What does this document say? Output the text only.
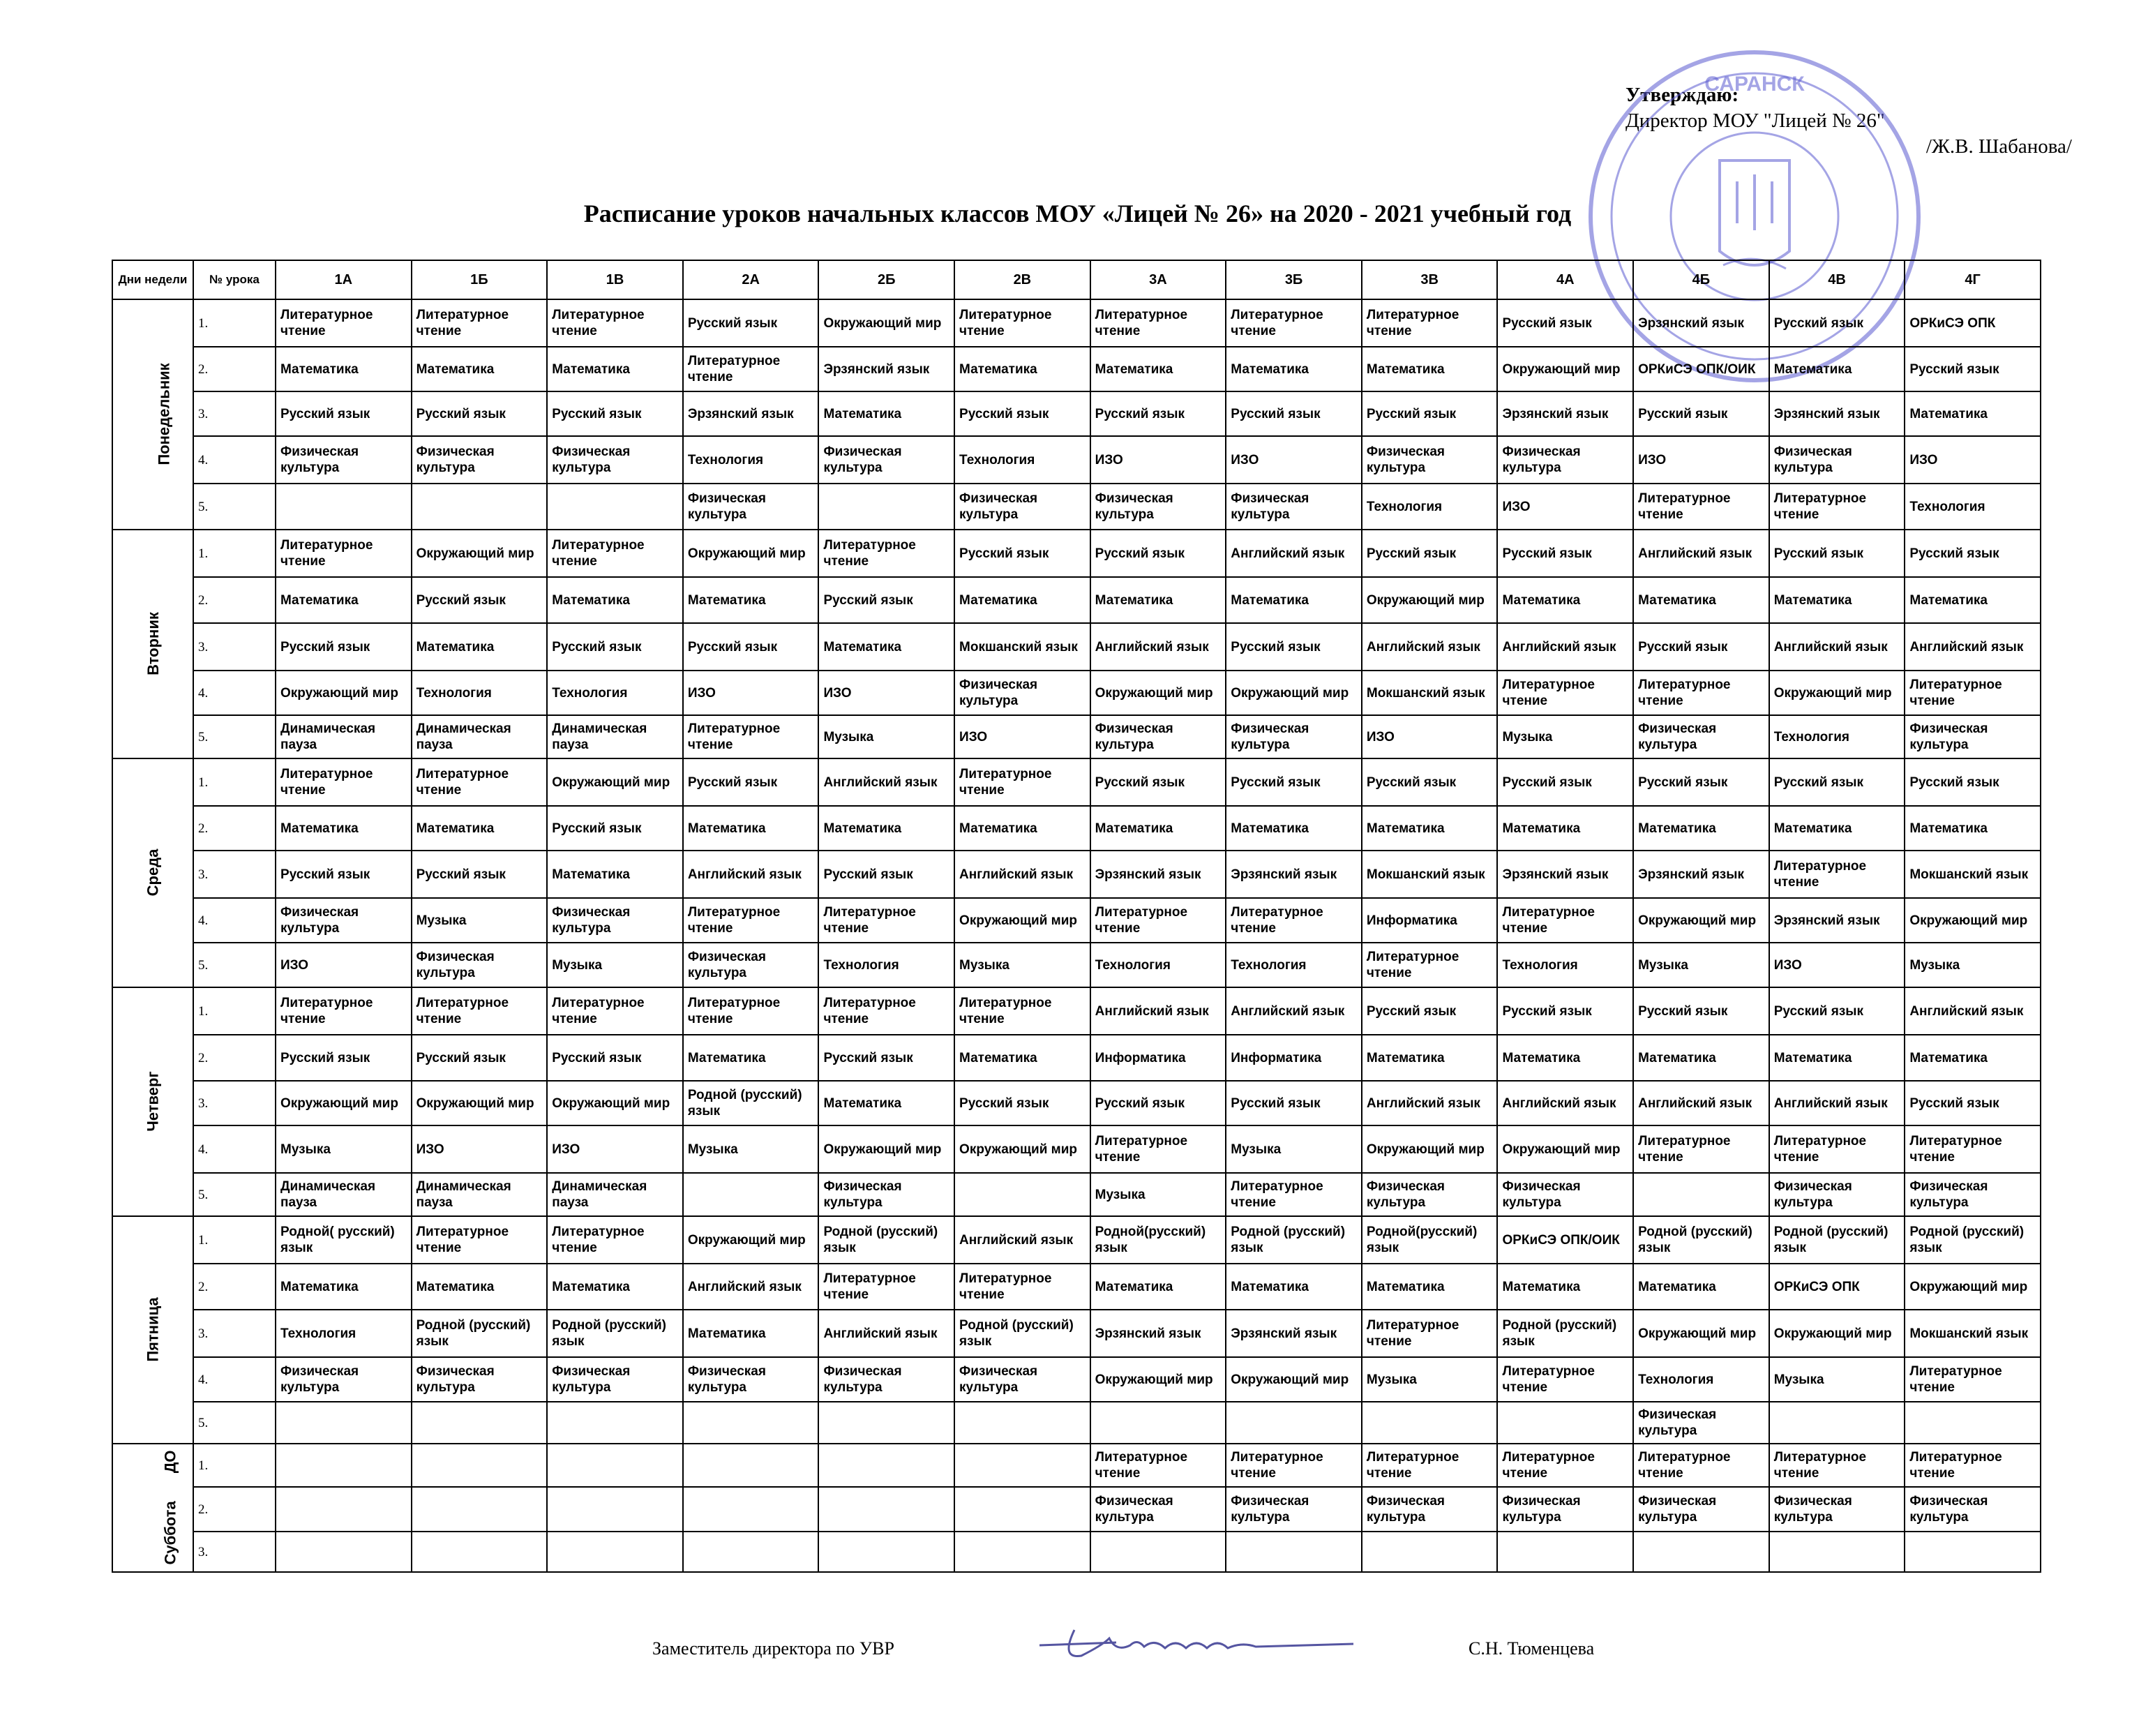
Утверждаю:
Директор МОУ "Лицей № 26"
/Ж.В. Шабанова/
САРАНСК
Расписание уроков начальных классов МОУ «Лицей № 26» на 2020 - 2021 учебный год
Дни недели	№ урока	1А	1Б	1В	2А	2Б	2В	3А	3Б	3В	4А	4Б	4В	4Г
Понедельник	1.	Литературное чтение	Литературное чтение	Литературное чтение	Русский язык	Окружающий мир	Литературное чтение	Литературное чтение	Литературное чтение	Литературное чтение	Русский язык	Эрзянский язык	Русский язык	ОРКиСЭ ОПК
	2.	Математика	Математика	Математика	Литературное чтение	Эрзянский язык	Математика	Математика	Математика	Математика	Окружающий мир	ОРКиСЭ ОПК/ОИК	Математика	Русский язык
	3.	Русский язык	Русский язык	Русский язык	Эрзянский язык	Математика	Русский язык	Русский язык	Русский язык	Русский язык	Эрзянский язык	Русский язык	Эрзянский язык	Математика
	4.	Физическая культура	Физическая культура	Физическая культура	Технология	Физическая культура	Технология	ИЗО	ИЗО	Физическая культура	Физическая культура	ИЗО	Физическая культура	ИЗО
	5.				Физическая культура		Физическая культура	Физическая культура	Физическая культура	Технология	ИЗО	Литературное чтение	Литературное чтение	Технология
Вторник	1.	Литературное чтение	Окружающий мир	Литературное чтение	Окружающий мир	Литературное чтение	Русский язык	Русский язык	Английский язык	Русский язык	Русский язык	Английский язык	Русский язык	Русский язык
	2.	Математика	Русский язык	Математика	Математика	Русский язык	Математика	Математика	Математика	Окружающий мир	Математика	Математика	Математика	Математика
	3.	Русский язык	Математика	Русский язык	Русский язык	Математика	Мокшанский язык	Английский язык	Русский язык	Английский язык	Английский язык	Русский язык	Английский язык	Английский язык
	4.	Окружающий мир	Технология	Технология	ИЗО	ИЗО	Физическая культура	Окружающий мир	Окружающий мир	Мокшанский язык	Литературное чтение	Литературное чтение	Окружающий мир	Литературное чтение
	5.	Динамическая пауза	Динамическая пауза	Динамическая пауза	Литературное чтение	Музыка	ИЗО	Физическая культура	Физическая культура	ИЗО	Музыка	Физическая культура	Технология	Физическая культура
Среда	1.	Литературное чтение	Литературное чтение	Окружающий мир	Русский язык	Английский язык	Литературное чтение	Русский язык	Русский язык	Русский язык	Русский язык	Русский язык	Русский язык	Русский язык
	2.	Математика	Математика	Русский язык	Математика	Математика	Математика	Математика	Математика	Математика	Математика	Математика	Математика	Математика
	3.	Русский язык	Русский язык	Математика	Английский язык	Русский язык	Английский язык	Эрзянский язык	Эрзянский язык	Мокшанский язык	Эрзянский язык	Эрзянский язык	Литературное чтение	Мокшанский язык
	4.	Физическая культура	Музыка	Физическая культура	Литературное чтение	Литературное чтение	Окружающий мир	Литературное чтение	Литературное чтение	Информатика	Литературное чтение	Окружающий мир	Эрзянский язык	Окружающий мир
	5.	ИЗО	Физическая культура	Музыка	Физическая культура	Технология	Музыка	Технология	Технология	Литературное чтение	Технология	Музыка	ИЗО	Музыка
Четверг	1.	Литературное чтение	Литературное чтение	Литературное чтение	Литературное чтение	Литературное чтение	Литературное чтение	Английский язык	Английский язык	Русский язык	Русский язык	Русский язык	Русский язык	Английский язык
	2.	Русский язык	Русский язык	Русский язык	Математика	Русский язык	Математика	Информатика	Информатика	Математика	Математика	Математика	Математика	Математика
	3.	Окружающий мир	Окружающий мир	Окружающий мир	Родной (русский) язык	Математика	Русский язык	Русский язык	Русский язык	Английский язык	Английский язык	Английский язык	Английский язык	Русский язык
	4.	Музыка	ИЗО	ИЗО	Музыка	Окружающий мир	Окружающий мир	Литературное чтение	Музыка	Окружающий мир	Окружающий мир	Литературное чтение	Литературное чтение	Литературное чтение
	5.	Динамическая пауза	Динамическая пауза	Динамическая пауза		Физическая культура		Музыка	Литературное чтение	Физическая культура	Физическая культура		Физическая культура	Физическая культура
Пятница	1.	Родной( русский) язык	Литературное чтение	Литературное чтение	Окружающий мир	Родной (русский) язык	Английский язык	Родной(русский) язык	Родной (русский) язык	Родной(русский) язык	ОРКиСЭ ОПК/ОИК	Родной (русский) язык	Родной (русский) язык	Родной (русский) язык
	2.	Математика	Математика	Математика	Английский язык	Литературное чтение	Литературное чтение	Математика	Математика	Математика	Математика	Математика	ОРКиСЭ ОПК	Окружающий мир
	3.	Технология	Родной (русский) язык	Родной (русский) язык	Математика	Английский язык	Родной (русский) язык	Эрзянский язык	Эрзянский язык	Литературное чтение	Родной (русский) язык	Окружающий мир	Окружающий мир	Мокшанский язык
	4.	Физическая культура	Физическая культура	Физическая культура	Физическая культура	Физическая культура	Физическая культура	Окружающий мир	Окружающий мир	Музыка	Литературное чтение	Технология	Музыка	Литературное чтение
	5.											Физическая культура		
СубботаДО	1.							Литературное чтение	Литературное чтение	Литературное чтение	Литературное чтение	Литературное чтение	Литературное чтение	Литературное чтение
	2.							Физическая культура	Физическая культура	Физическая культура	Физическая культура	Физическая культура	Физическая культура	Физическая культура
	3.													
Заместитель директора по УВР	С.Н. Тюменцева
